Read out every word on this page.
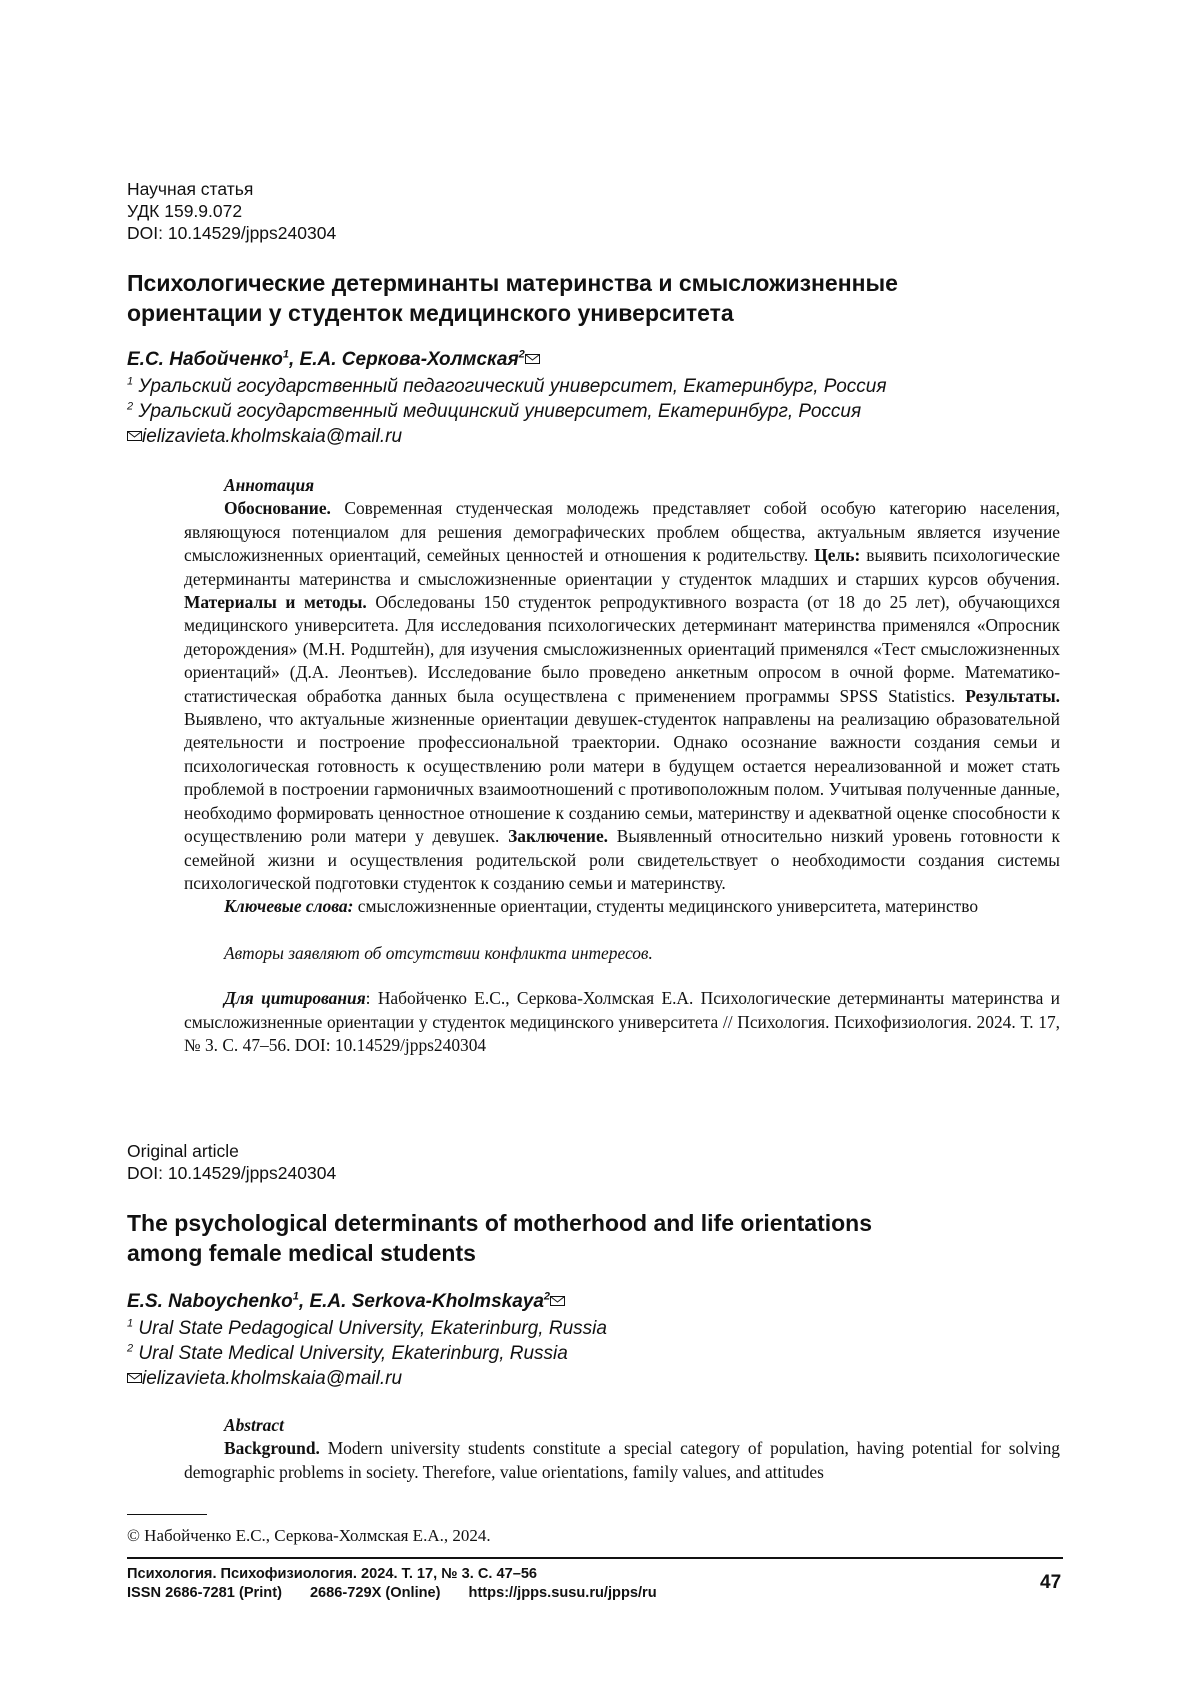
Научная статья
УДК 159.9.072
DOI: 10.14529/jpps240304
Психологические детерминанты материнства и смысложизненные
ориентации у студенток медицинского университета
Е.С. Набойченко$^1$, Е.А. Серкова-Холмская$^2$
$^1$ Уральский государственный педагогический университет, Екатеринбург, Россия
$^2$ Уральский государственный медицинский университет, Екатеринбург, Россия
ielizavieta.kholmskaia@mail.ru

Аннотация

Обоснование. Современная студенческая молодежь представляет собой особую категорию населения, являющуюся потенциалом для решения демографических проблем общества, актуальным является изучение смысложизненных ориентаций, семейных ценностей и отношения к родительству. Цель: выявить психологические детерминанты материнства и смысложизненные ориентации у студенток младших и старших курсов обучения. Материалы и методы. Обследованы 150 студенток репродуктивного возраста (от 18 до 25 лет), обучающихся медицинского университета. Для исследования психологических детерминант материнства применялся «Опросник деторождения» (М.Н. Родштейн), для изучения смысложизненных ориентаций применялся «Тест смысложизненных ориентаций» (Д.А. Леонтьев). Исследование было проведено анкетным опросом в очной форме. Математико-статистическая обработка данных была осуществлена с применением программы SPSS Statistics. Результаты. Выявлено, что актуальные жизненные ориентации девушек-студенток направлены на реализацию образовательной деятельности и построение профессиональной траектории. Однако осознание важности создания семьи и психологическая готовность к осуществлению роли матери в будущем остается нереализованной и может стать проблемой в построении гармоничных взаимоотношений с противоположным полом. Учитывая полученные данные, необходимо формировать ценностное отношение к созданию семьи, материнству и адекватной оценке способности к осуществлению роли матери у девушек. Заключение. Выявленный относительно низкий уровень готовности к семейной жизни и осуществления родительской роли свидетельствует о необходимости создания системы психологической подготовки студенток к созданию семьи и материнству.

Ключевые слова: смысложизненные ориентации, студенты медицинского университета, материнство

Авторы заявляют об отсутствии конфликта интересов.

Для цитирования: Набойченко Е.С., Серкова-Холмская Е.А. Психологические детерминанты материнства и смысложизненные ориентации у студенток медицинского университета // Психология. Психофизиология. 2024. Т. 17, № 3. С. 47–56. DOI: 10.14529/jpps240304

Original article
DOI: 10.14529/jpps240304
The psychological determinants of motherhood and life orientations
among female medical students
E.S. Naboychenko$^1$, E.A. Serkova-Kholmskaya$^2$
$^1$ Ural State Pedagogical University, Ekaterinburg, Russia
$^2$ Ural State Medical University, Ekaterinburg, Russia
ielizavieta.kholmskaia@mail.ru

Abstract

Background. Modern university students constitute a special category of population, having potential for solving demographic problems in society. Therefore, value orientations, family values, and attitudes

© Набойченко Е.С., Серкова-Холмская Е.А., 2024.
Психология. Психофизиология. 2024. Т. 17, № 3. С. 47–56
ISSN 2686-7281 (Print) 2686-729X (Online) https://jpps.susu.ru/jpps/ru	47
